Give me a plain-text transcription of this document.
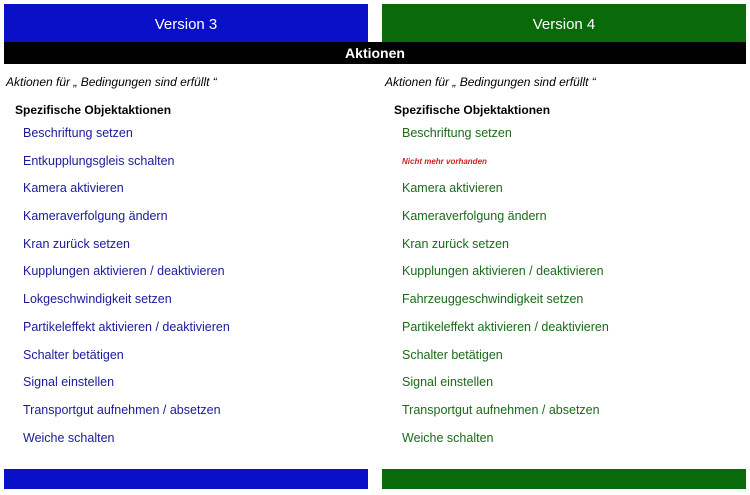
Version 3	Version 4
Aktionen
Aktionen für „ Bedingungen sind erfüllt “
Spezifische Objektaktionen
Beschriftung setzen
Entkupplungsgleis schalten
Kamera aktivieren
Kameraverfolgung ändern
Kran zurück setzen
Kupplungen aktivieren / deaktivieren
Lokgeschwindigkeit setzen
Partikeleffekt aktivieren / deaktivieren
Schalter betätigen
Signal einstellen
Transportgut aufnehmen / absetzen
Weiche schalten
Aktionen für „ Bedingungen sind erfüllt “
Spezifische Objektaktionen
Beschriftung setzen
Nicht mehr vorhanden
Kamera aktivieren
Kameraverfolgung ändern
Kran zurück setzen
Kupplungen aktivieren / deaktivieren
Fahrzeuggeschwindigkeit setzen
Partikeleffekt aktivieren / deaktivieren
Schalter betätigen
Signal einstellen
Transportgut aufnehmen / absetzen
Weiche schalten
